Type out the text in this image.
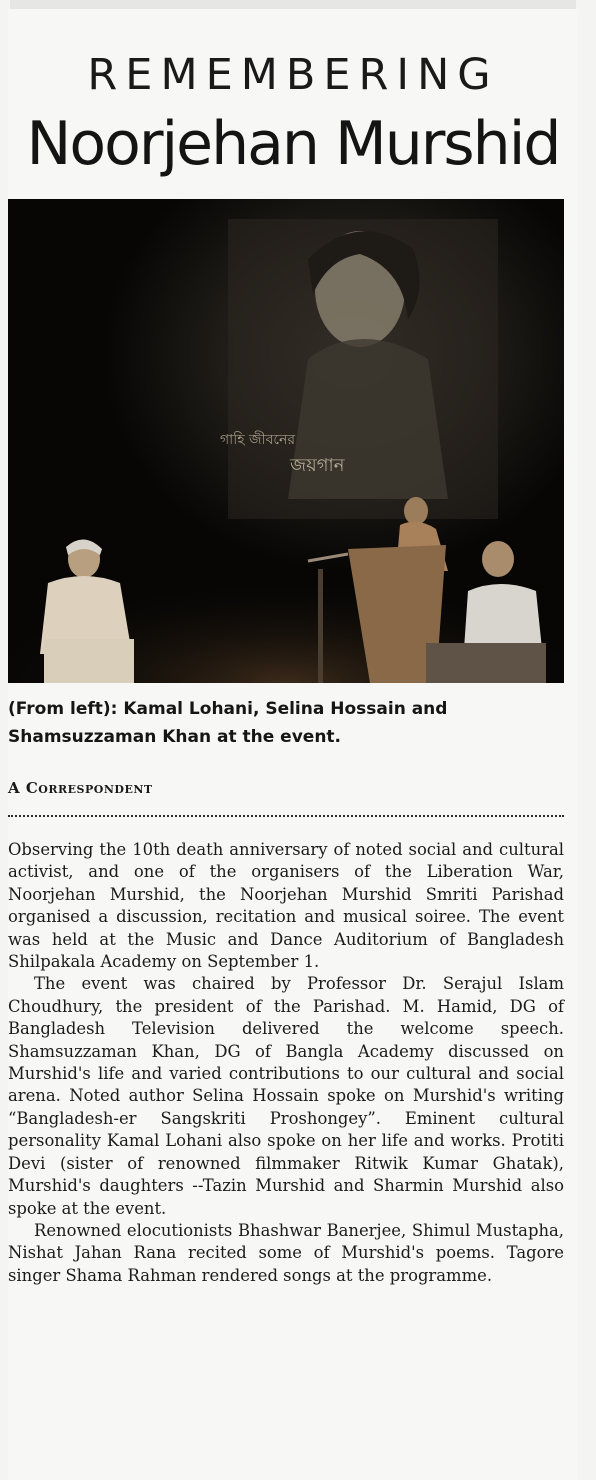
REMEMBERING
Noorjehan Murshid
গাহি জীবনের
জয়গান
(From left): Kamal Lohani, Selina Hossain and Shamsuzzaman Khan at the event.
A Correspondent

Observing the 10th death anniversary of noted social and cultural activist, and one of the organisers of the Liberation War, Noorjehan Murshid, the Noorjehan Murshid Smriti Parishad organised a discussion, recitation and musical soiree. The event was held at the Music and Dance Auditorium of Bangladesh Shilpakala Academy on September 1.

The event was chaired by Professor Dr. Serajul Islam Choudhury, the president of the Parishad. M. Hamid, DG of Bangladesh Television delivered the welcome speech. Shamsuzzaman Khan, DG of Bangla Academy discussed on Murshid's life and varied contributions to our cultural and social arena. Noted author Selina Hossain spoke on Murshid's writing “Bangladesh-er Sangskriti Proshongey”. Eminent cultural personality Kamal Lohani also spoke on her life and works. Protiti Devi (sister of renowned filmmaker Ritwik Kumar Ghatak), Murshid's daughters --Tazin Murshid and Sharmin Murshid also spoke at the event.

Renowned elocutionists Bhashwar Banerjee, Shimul Mustapha, Nishat Jahan Rana recited some of Murshid's poems. Tagore singer Shama Rahman rendered songs at the programme.
